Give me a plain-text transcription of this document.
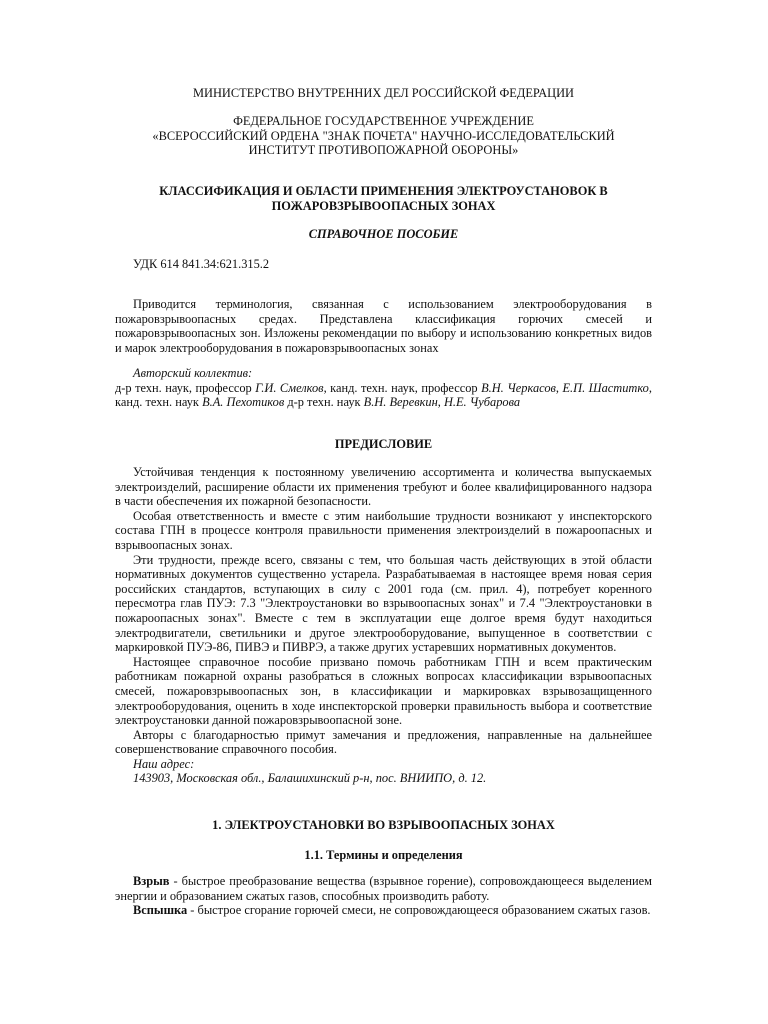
МИНИСТЕРСТВО ВНУТРЕННИХ ДЕЛ РОССИЙСКОЙ ФЕДЕРАЦИИ

ФЕДЕРАЛЬНОЕ ГОСУДАРСТВЕННОЕ УЧРЕЖДЕНИЕ
«ВСЕРОССИЙСКИЙ ОРДЕНА "ЗНАК ПОЧЕТА" НАУЧНО-ИССЛЕДОВАТЕЛЬСКИЙ
ИНСТИТУТ ПРОТИВОПОЖАРНОЙ ОБОРОНЫ»
КЛАССИФИКАЦИЯ И ОБЛАСТИ ПРИМЕНЕНИЯ ЭЛЕКТРОУСТАНОВОК В
ПОЖАРОВЗРЫВООПАСНЫХ ЗОНАХ

СПРАВОЧНОЕ ПОСОБИЕ

УДК 614 841.34:621.315.2

Приводится терминология, связанная с использованием электрооборудования в пожаровзрывоопасных средах. Представлена классификация горючих смесей и пожаровзрывоопасных зон. Изложены рекомендации по выбору и использованию конкретных видов и марок электрооборудования в пожаровзрывоопасных зонах

Авторский коллектив:
д-р техн. наук, профессор Г.И. Смелков, канд. техн. наук, профессор В.Н. Черкасов, Е.П. Шаститко, канд. техн. наук В.А. Пехотиков д-р техн. наук В.Н. Веревкин, Н.Е. Чубарова

ПРЕДИСЛОВИЕ

Устойчивая тенденция к постоянному увеличению ассортимента и количества выпускаемых электроизделий, расширение области их применения требуют и более квалифицированного надзора в части обеспечения их пожарной безопасности.

Особая ответственность и вместе с этим наибольшие трудности возникают у инспекторского состава ГПН в процессе контроля правильности применения электроизделий в пожароопасных и взрывоопасных зонах.

Эти трудности, прежде всего, связаны с тем, что большая часть действующих в этой области нормативных документов существенно устарела. Разрабатываемая в настоящее время новая серия российских стандартов, вступающих в силу с 2001 года (см. прил. 4), потребует коренного пересмотра глав ПУЭ: 7.3 "Электроустановки во взрывоопасных зонах" и 7.4 "Электроустановки в пожароопасных зонах". Вместе с тем в эксплуатации еще долгое время будут находиться электродвигатели, светильники и другое электрооборудование, выпущенное в соответствии с маркировкой ПУЭ-86, ПИВЭ и ПИВРЭ, а также других устаревших нормативных документов.

Настоящее справочное пособие призвано помочь работникам ГПН и всем практическим работникам пожарной охраны разобраться в сложных вопросах классификации взрывоопасных смесей, пожаровзрывоопасных зон, в классификации и маркировках взрывозащищенного электрооборудования, оценить в ходе инспекторской проверки правильность выбора и соответствие электроустановки данной пожаровзрывоопасной зоне.

Авторы с благодарностью примут замечания и предложения, направленные на дальнейшее совершенствование справочного пособия.

Наш адрес:

143903, Московская обл., Балашихинский р-н, пос. ВНИИПО, д. 12.

1. ЭЛЕКТРОУСТАНОВКИ ВО ВЗРЫВООПАСНЫХ ЗОНАХ

1.1. Термины и определения

Взрыв - быстрое преобразование вещества (взрывное горение), сопровождающееся выделением энергии и образованием сжатых газов, способных производить работу.

Вспышка - быстрое сгорание горючей смеси, не сопровождающееся образованием сжатых газов.
